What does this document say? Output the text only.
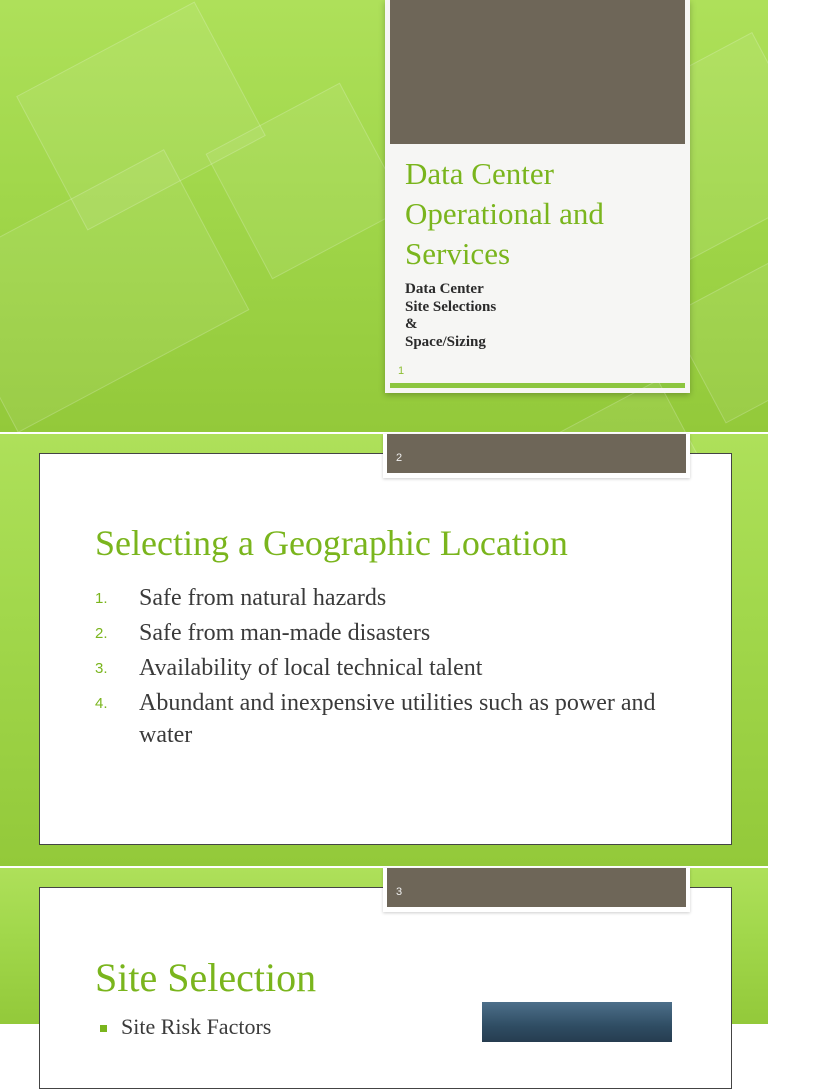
Data Center Operational and Services
Data Center
Site Selections
&
Space/Sizing
1
2
Selecting a Geographic Location
1. Safe from natural hazards
2. Safe from man-made disasters
3. Availability of local technical talent
4. Abundant and inexpensive utilities such as power and water
3
Site Selection
Site Risk Factors
